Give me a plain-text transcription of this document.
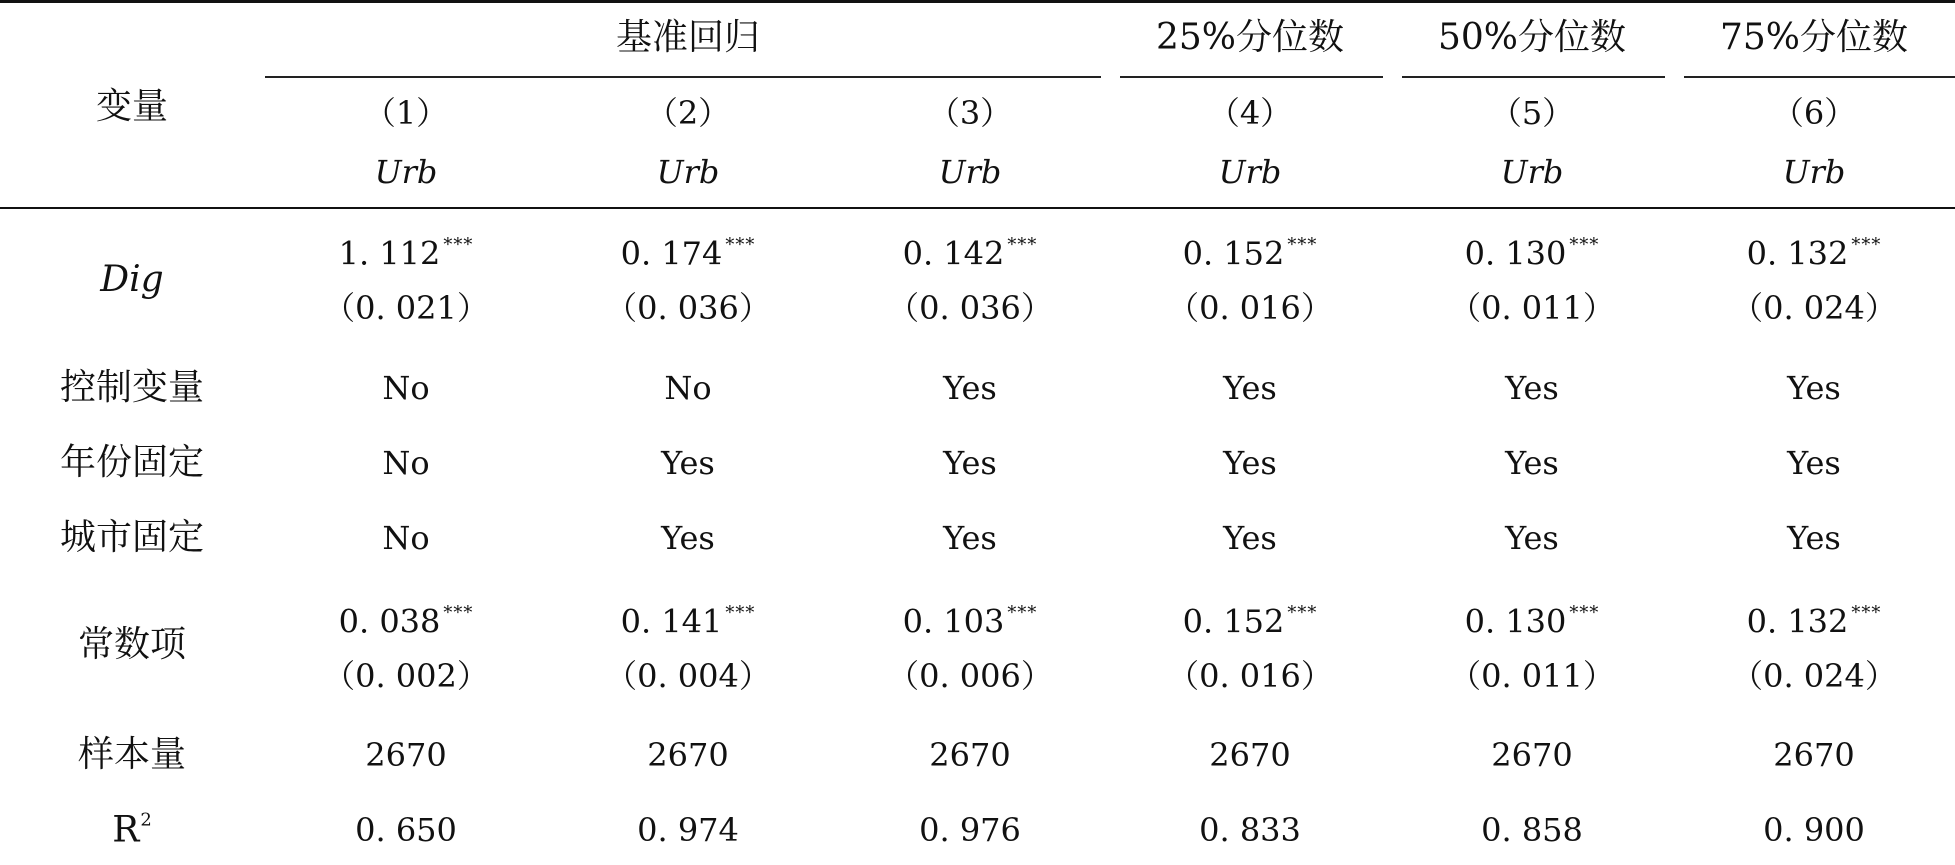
变量
基准回归	25%分位数	50%分位数	75%分位数
（1）	（2）	（3）	（4）	（5）	（6）
Urb	Urb	Urb	Urb	Urb	Urb
Dig
1. 112 ***	0. 174 ***	0. 142 ***	0. 152 ***	0. 130 ***	0. 132 ***
（0. 021）	（0. 036）	（0. 036）	（0. 016）	（0. 011）	（0. 024）
控制变量	No	No	Yes	Yes	Yes	Yes
年份固定	No	Yes	Yes	Yes	Yes	Yes
城市固定	No	Yes	Yes	Yes	Yes	Yes
常数项
0. 038 ***	0. 141 ***	0. 103 ***	0. 152 ***	0. 130 ***	0. 132 ***
（0. 002）	（0. 004）	（0. 006）	（0. 016）	（0. 011）	（0. 024）
样本量	2670	2670	2670	2670	2670	2670
$R^2$	0. 650	0. 974	0. 976	0. 833	0. 858	0. 900
